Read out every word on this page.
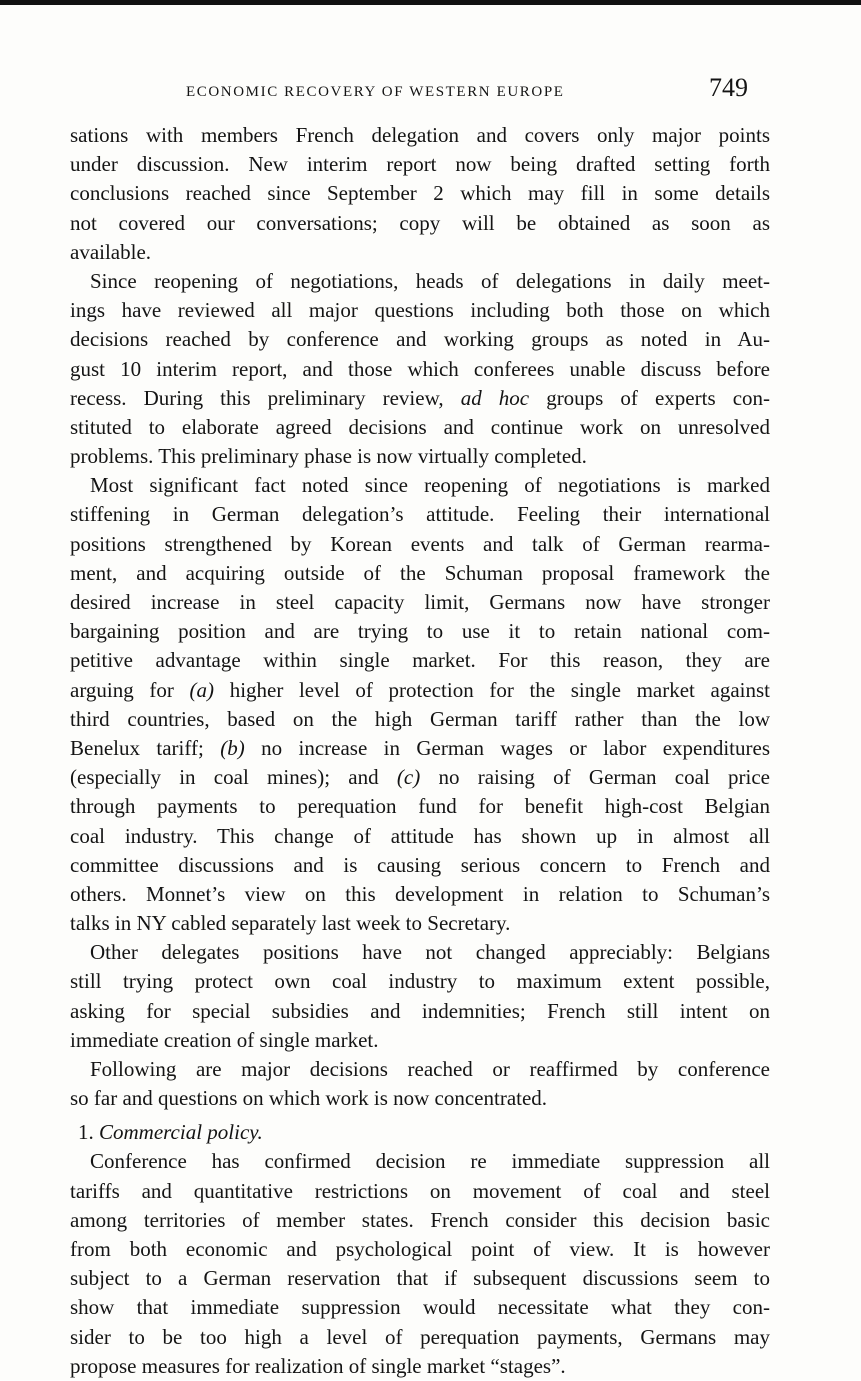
ECONOMIC RECOVERY OF WESTERN EUROPE	749
sations with members French delegation and covers only major points
under discussion. New interim report now being drafted setting forth
conclusions reached since September 2 which may fill in some details
not covered our conversations; copy will be obtained as soon as
available.
Since reopening of negotiations, heads of delegations in daily meet-
ings have reviewed all major questions including both those on which
decisions reached by conference and working groups as noted in Au-
gust 10 interim report, and those which conferees unable discuss before
recess. During this preliminary review, ad hoc groups of experts con-
stituted to elaborate agreed decisions and continue work on unresolved
problems. This preliminary phase is now virtually completed.
Most significant fact noted since reopening of negotiations is marked
stiffening in German delegation’s attitude. Feeling their international
positions strengthened by Korean events and talk of German rearma-
ment, and acquiring outside of the Schuman proposal framework the
desired increase in steel capacity limit, Germans now have stronger
bargaining position and are trying to use it to retain national com-
petitive advantage within single market. For this reason, they are
arguing for (a) higher level of protection for the single market against
third countries, based on the high German tariff rather than the low
Benelux tariff; (b) no increase in German wages or labor expenditures
(especially in coal mines); and (c) no raising of German coal price
through payments to perequation fund for benefit high-cost Belgian
coal industry. This change of attitude has shown up in almost all
committee discussions and is causing serious concern to French and
others. Monnet’s view on this development in relation to Schuman’s
talks in NY cabled separately last week to Secretary.
Other delegates positions have not changed appreciably: Belgians
still trying protect own coal industry to maximum extent possible,
asking for special subsidies and indemnities; French still intent on
immediate creation of single market.
Following are major decisions reached or reaffirmed by conference
so far and questions on which work is now concentrated.
1. Commercial policy.
Conference has confirmed decision re immediate suppression all
tariffs and quantitative restrictions on movement of coal and steel
among territories of member states. French consider this decision basic
from both economic and psychological point of view. It is however
subject to a German reservation that if subsequent discussions seem to
show that immediate suppression would necessitate what they con-
sider to be too high a level of perequation payments, Germans may
propose measures for realization of single market “stages”.
